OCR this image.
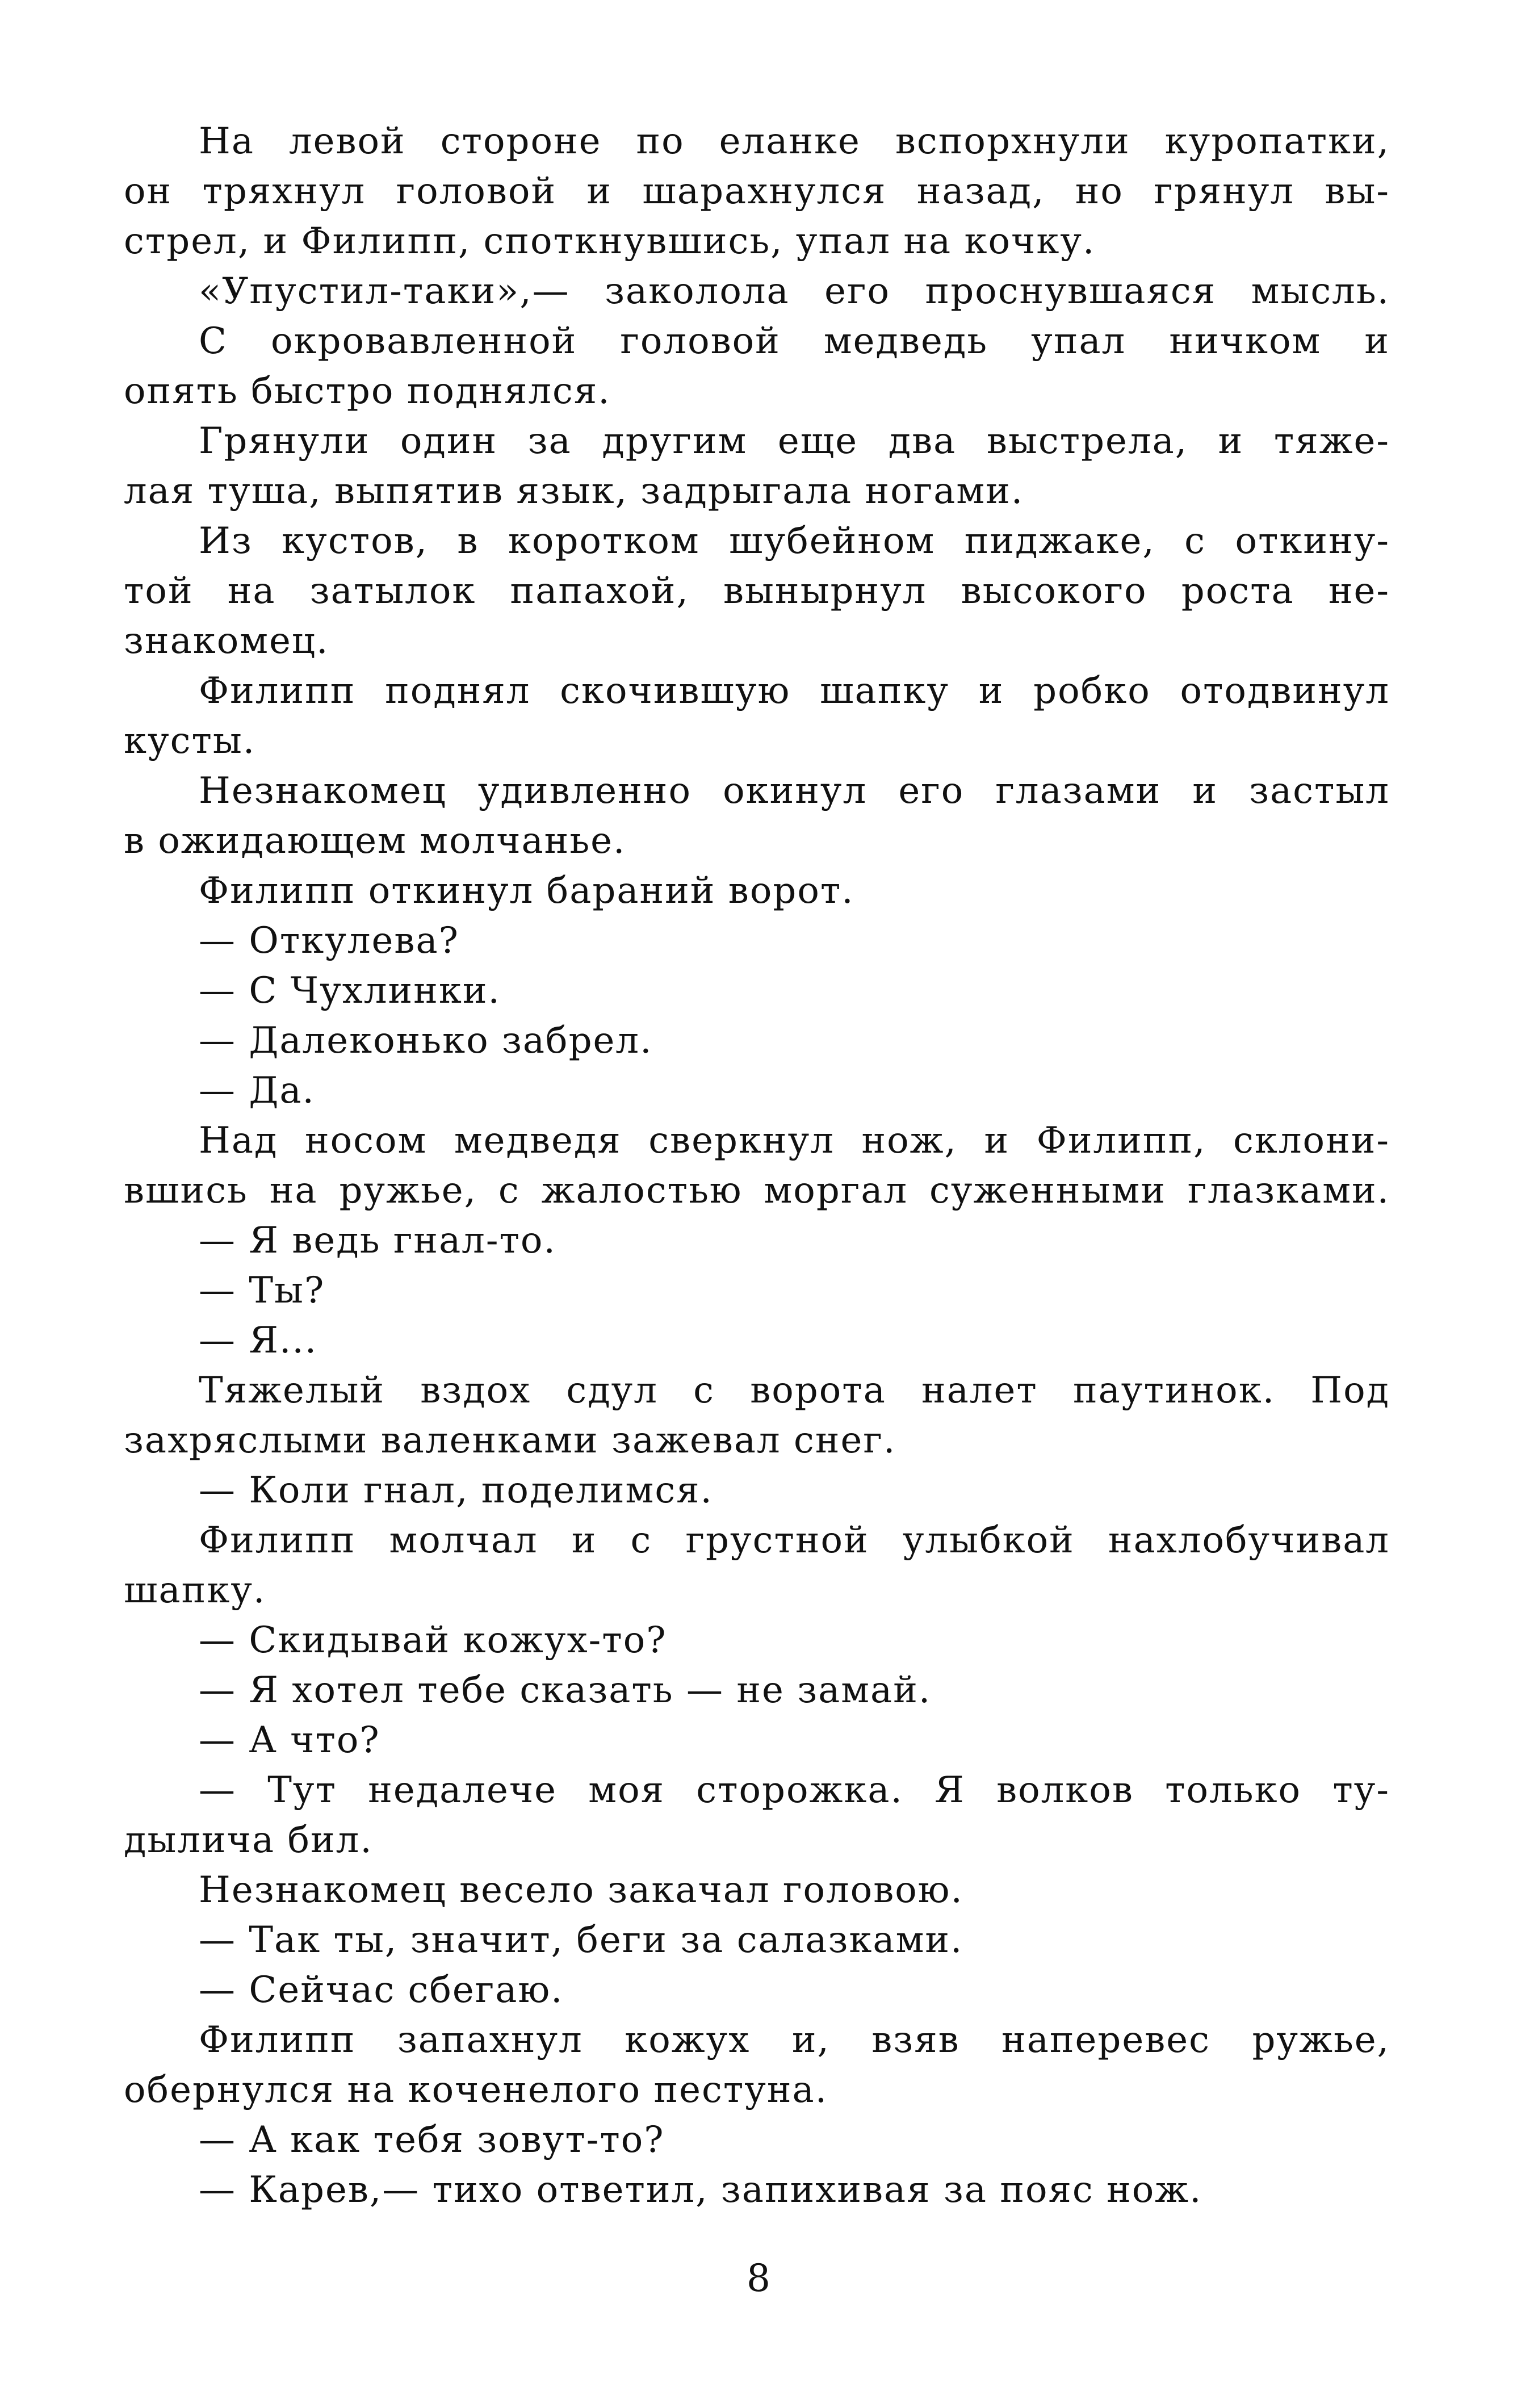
На левой стороне по еланке вспорхнули куропатки,
он тряхнул головой и шарахнулся назад, но грянул вы-
стрел, и Филипп, споткнувшись, упал на кочку.
«Упустил-таки»,— заколола его проснувшаяся мысль.
С окровавленной головой медведь упал ничком и
опять быстро поднялся.
Грянули один за другим еще два выстрела, и тяже-
лая туша, выпятив язык, задрыгала ногами.
Из кустов, в коротком шубейном пиджаке, с откину-
той на затылок папахой, вынырнул высокого роста не-
знакомец.
Филипп поднял скочившую шапку и робко отодвинул
кусты.
Незнакомец удивленно окинул его глазами и застыл
в ожидающем молчанье.
Филипп откинул бараний ворот.
— Откулева?
— С Чухлинки.
— Далеконько забрел.
— Да.
Над носом медведя сверкнул нож, и Филипп, склони-
вшись на ружье, с жалостью моргал суженными глазками.
— Я ведь гнал-то.
— Ты?
— Я...
Тяжелый вздох сдул с ворота налет паутинок. Под
захряслыми валенками зажевал снег.
— Коли гнал, поделимся.
Филипп молчал и с грустной улыбкой нахлобучивал
шапку.
— Скидывай кожух-то?
— Я хотел тебе сказать — не замай.
— А что?
— Тут недалече моя сторожка. Я волков только ту-
дылича бил.
Незнакомец весело закачал головою.
— Так ты, значит, беги за салазками.
— Сейчас сбегаю.
Филипп запахнул кожух и, взяв наперевес ружье,
обернулся на коченелого пестуна.
— А как тебя зовут-то?
— Карев,— тихо ответил, запихивая за пояс нож.
8
